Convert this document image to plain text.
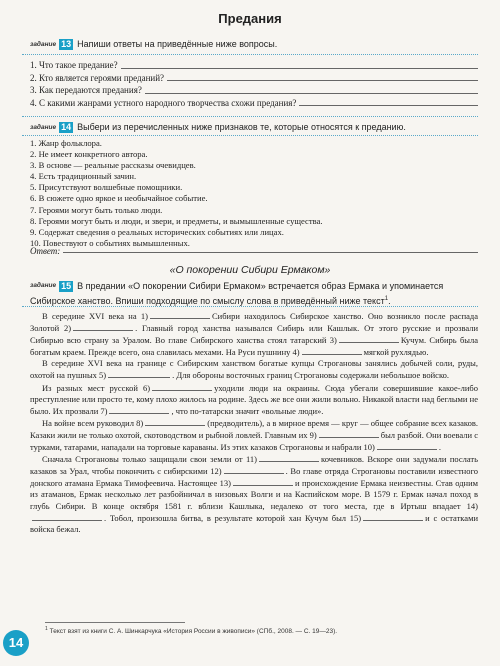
Предания
задание 13 Напиши ответы на приведённые ниже вопросы.
1. Что такое предание?
2. Кто является героями преданий?
3. Как передаются предания?
4. С какими жанрами устного народного творчества схожи предания?
задание 14 Выбери из перечисленных ниже признаков те, которые относятся к преданию.
1. Жанр фольклора.
2. Не имеет конкретного автора.
3. В основе — реальные рассказы очевидцев.
4. Есть традиционный зачин.
5. Присутствуют волшебные помощники.
6. В сюжете одно яркое и необычайное событие.
7. Героями могут быть только люди.
8. Героями могут быть и люди, и звери, и предметы, и вымышленные существа.
9. Содержат сведения о реальных исторических событиях или лицах.
10. Повествуют о событиях вымышленных.
Ответ:
«О покорении Сибири Ермаком»
задание 15 В предании «О покорении Сибири Ермаком» встречается образ Ермака и упоминается Сибирское ханство. Впиши подходящие по смыслу слова в приведённый ниже текст$^1$.

В середине XVI века на 1)	Сибири находилось Сибирское ханство. Оно возникло после распада Золотой 2)	. Главный город ханства назывался Сибирь или Кашлык. От этого русские и прозвали Сибирью всю страну за Уралом. Во главе Сибирского ханства стоял татарский 3)	Кучум. Сибирь была богатым краем. Прежде всего, она славилась мехами. На Руси пушнину 4)	мягкой рухлядью.

В середине XVI века на границе с Сибирским ханством богатые купцы Строгановы занялись добычей соли, руды, охотой на пушных 5)	. Для обороны восточных границ Строгановы содержали небольшое войско.

Из разных мест русской 6)	уходили люди на окраины. Сюда убегали совершившие какое-либо преступление или просто те, кому плохо жилось на родине. Здесь же все они жили вольно. Никакой власти над беглыми не было. Их прозвали 7)	, что по-татарски значит «вольные люди».

На войне всем руководил 8)	(предводитель), а в мирное время — круг — общее собрание всех казаков. Казаки жили не только охотой, скотоводством и рыбной ловлей. Главным их 9)	был разбой. Они воевали с турками, татарами, нападали на торговые караваны. Из этих казаков Строгановы и набрали 10)	.

Сначала Строгановы только защищали свои земли от 11)	кочевников. Вскоре они задумали послать казаков за Урал, чтобы покончить с сибирскими 12)	. Во главе отряда Строгановы поставили известного донского атамана Ермака Тимофеевича. Настоящее 13)	и происхождение Ермака неизвестны. Став одним из атаманов, Ермак несколько лет разбойничал в низовьях Волги и на Каспийском море. В 1579 г. Ермак начал поход в глубь Сибири. В конце октября 1581 г. вблизи Кашлыка, недалеко от того места, где в Иртыш впадает 14). Тобол, произошла битва, в результате которой хан Кучум был 15)	и с остатками войска бежал.

$^1$ Текст взят из книги С. А. Шинкарчука «История России в живописи» (СПб., 2008. — С. 19—23).
14
